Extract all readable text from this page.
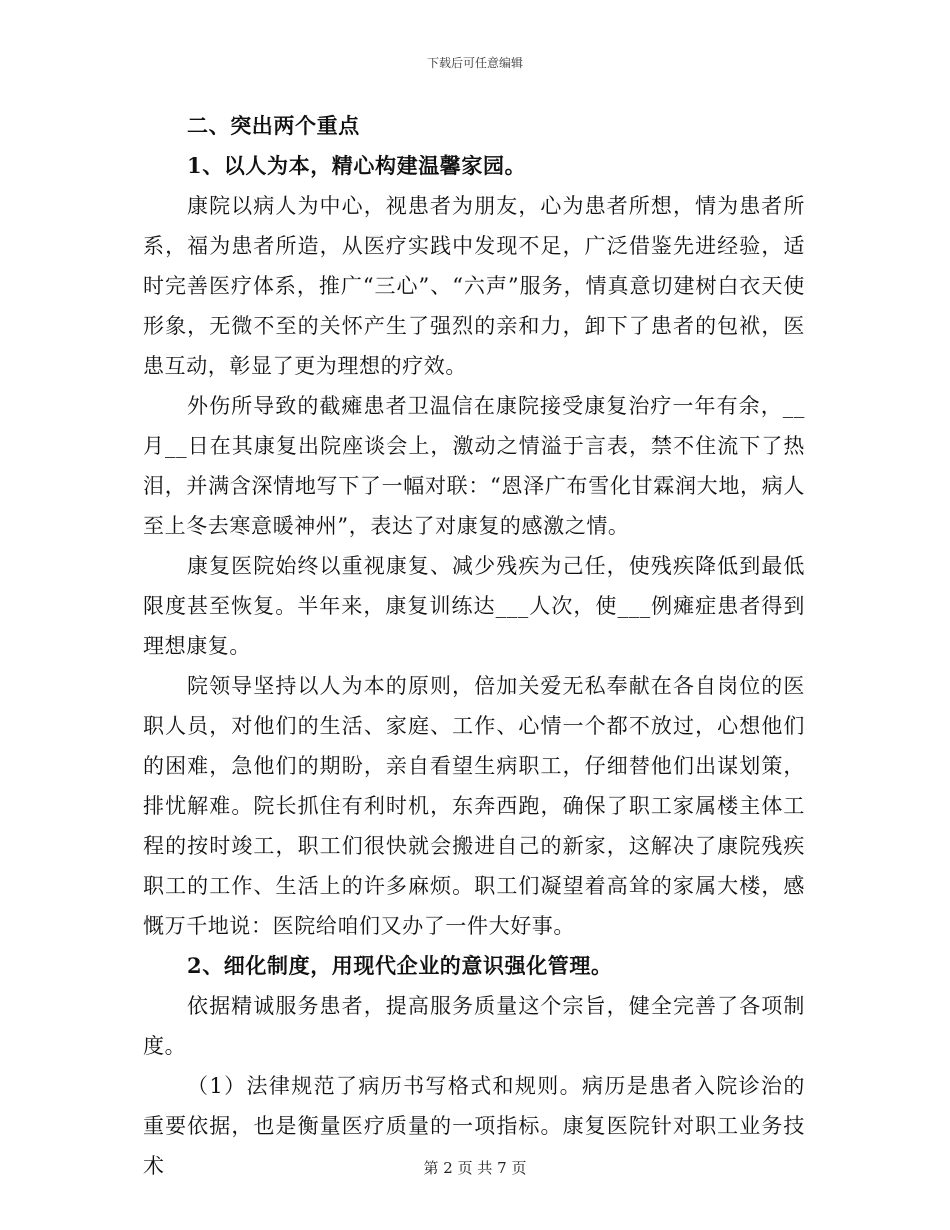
下载后可任意编辑

二、突出两个重点

1、以人为本，精心构建温馨家园。

康院以病人为中心，视患者为朋友，心为患者所想，情为患者所系，福为患者所造，从医疗实践中发现不足，广泛借鉴先进经验，适时完善医疗体系，推广“三心”、“六声”服务，情真意切建树白衣天使形象，无微不至的关怀产生了强烈的亲和力，卸下了患者的包袱，医患互动，彰显了更为理想的疗效。

外伤所导致的截瘫患者卫温信在康院接受康复治疗一年有余，__月__日在其康复出院座谈会上，激动之情溢于言表，禁不住流下了热泪，并满含深情地写下了一幅对联：“恩泽广布雪化甘霖润大地，病人至上冬去寒意暖神州”，表达了对康复的感激之情。

康复医院始终以重视康复、减少残疾为己任，使残疾降低到最低限度甚至恢复。半年来，康复训练达___人次，使___例瘫症患者得到理想康复。

院领导坚持以人为本的原则，倍加关爱无私奉献在各自岗位的医职人员，对他们的生活、家庭、工作、心情一个都不放过，心想他们的困难，急他们的期盼，亲自看望生病职工，仔细替他们出谋划策，排忧解难。院长抓住有利时机，东奔西跑，确保了职工家属楼主体工程的按时竣工，职工们很快就会搬进自己的新家，这解决了康院残疾职工的工作、生活上的许多麻烦。职工们凝望着高耸的家属大楼，感慨万千地说：医院给咱们又办了一件大好事。

2、细化制度，用现代企业的意识强化管理。

依据精诚服务患者，提高服务质量这个宗旨，健全完善了各项制度。

（1）法律规范了病历书写格式和规则。病历是患者入院诊治的重要依据，也是衡量医疗质量的一项指标。康复医院针对职工业务技术	第 2 页 共 7 页
